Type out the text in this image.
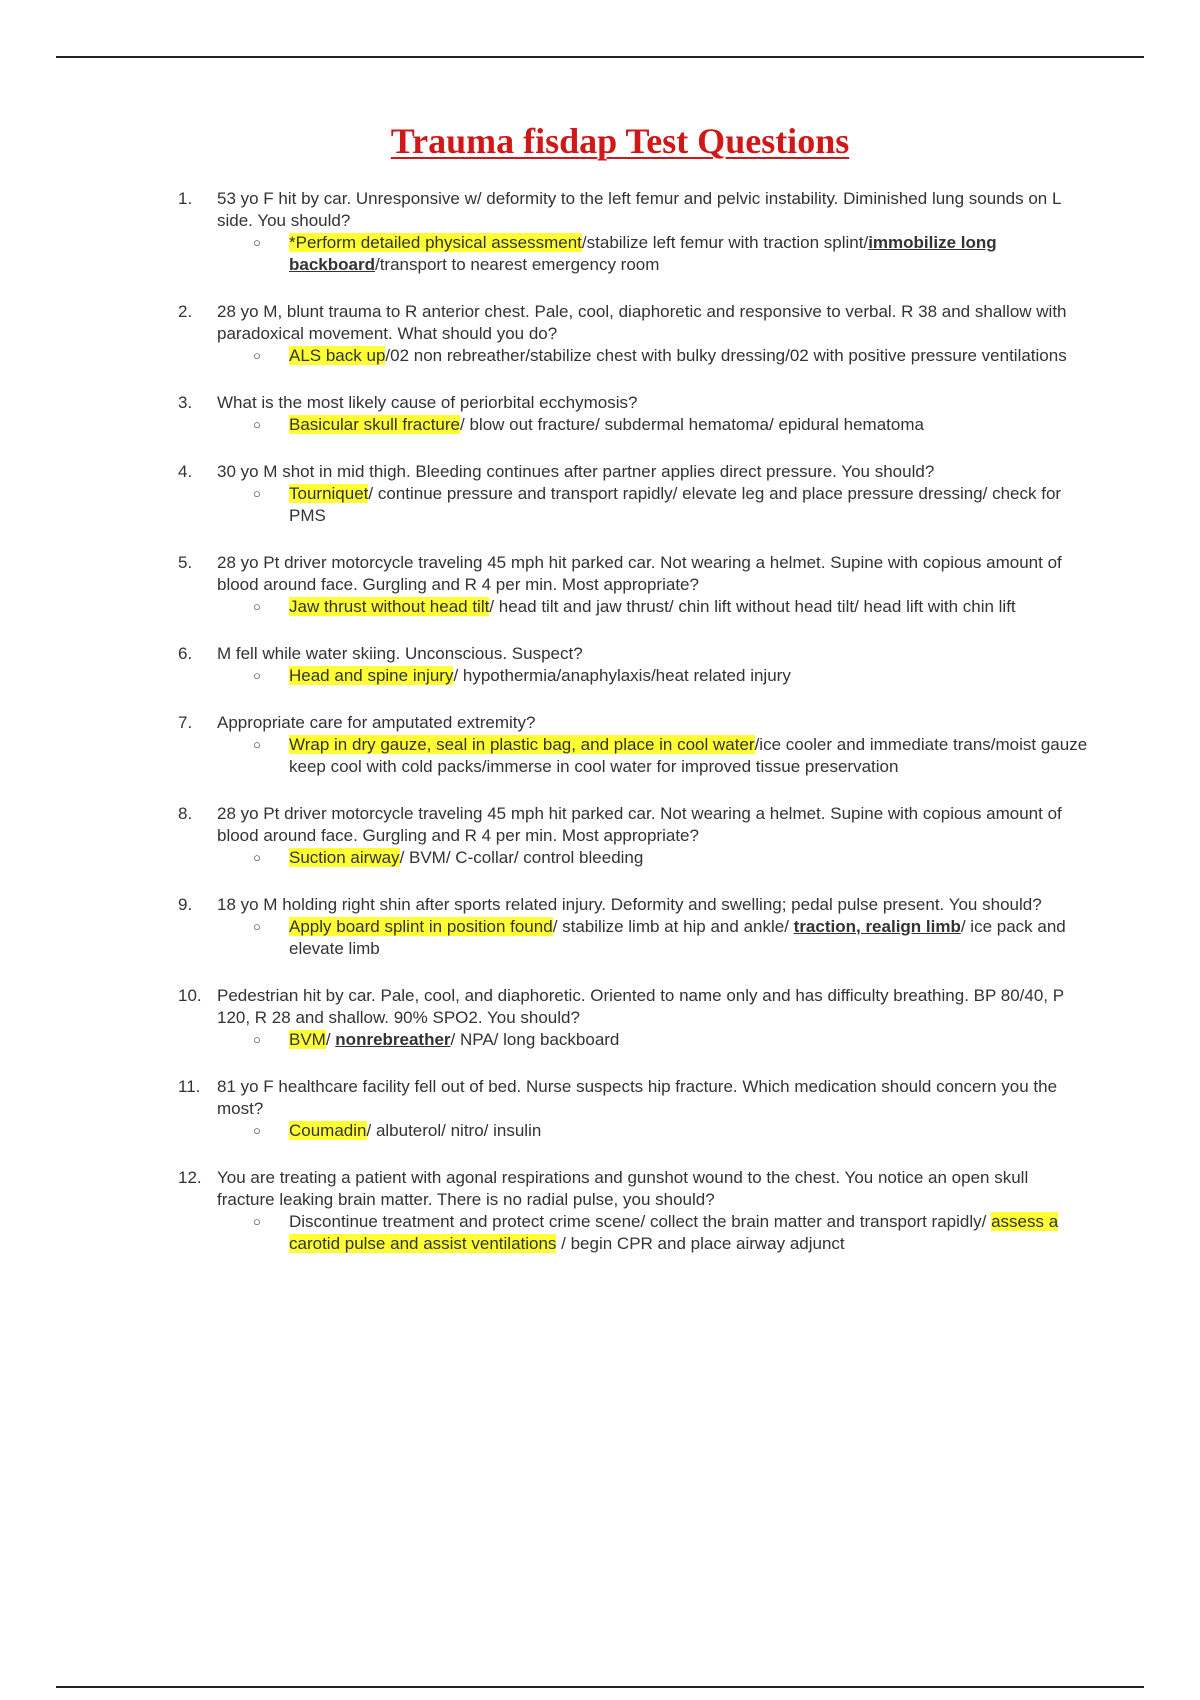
Trauma fisdap Test Questions
1.	53 yo F hit by car. Unresponsive w/ deformity to the left femur and pelvic instability. Diminished lung sounds on L side. You should?
○ *Perform detailed physical assessment/stabilize left femur with traction splint/immobilize long backboard/transport to nearest emergency room
2.	28 yo M, blunt trauma to R anterior chest. Pale, cool, diaphoretic and responsive to verbal. R 38 and shallow with paradoxical movement. What should you do?
○ ALS back up/02 non rebreather/stabilize chest with bulky dressing/02 with positive pressure ventilations
3.	What is the most likely cause of periorbital ecchymosis?
○ Basicular skull fracture/ blow out fracture/ subdermal hematoma/ epidural hematoma
4.	30 yo M shot in mid thigh. Bleeding continues after partner applies direct pressure. You should?
○ Tourniquet/ continue pressure and transport rapidly/ elevate leg and place pressure dressing/ check for PMS
5.	28 yo Pt driver motorcycle traveling 45 mph hit parked car. Not wearing a helmet. Supine with copious amount of blood around face. Gurgling and R 4 per min. Most appropriate?
○ Jaw thrust without head tilt/ head tilt and jaw thrust/ chin lift without head tilt/ head lift with chin lift
6.	M fell while water skiing. Unconscious. Suspect?
○ Head and spine injury/ hypothermia/anaphylaxis/heat related injury
7.	Appropriate care for amputated extremity?
○ Wrap in dry gauze, seal in plastic bag, and place in cool water/ice cooler and immediate trans/moist gauze keep cool with cold packs/immerse in cool water for improved tissue preservation
8.	28 yo Pt driver motorcycle traveling 45 mph hit parked car. Not wearing a helmet. Supine with copious amount of blood around face. Gurgling and R 4 per min. Most appropriate?
○ Suction airway/ BVM/ C-collar/ control bleeding
9.	18 yo M holding right shin after sports related injury. Deformity and swelling; pedal pulse present. You should?
○ Apply board splint in position found/ stabilize limb at hip and ankle/ traction, realign limb/ ice pack and elevate limb
10. Pedestrian hit by car. Pale, cool, and diaphoretic. Oriented to name only and has difficulty breathing. BP 80/40, P 120, R 28 and shallow. 90% SPO2. You should?
○ BVM/ nonrebreather/ NPA/ long backboard
11. 81 yo F healthcare facility fell out of bed. Nurse suspects hip fracture. Which medication should concern you the most?
○ Coumadin/ albuterol/ nitro/ insulin
12. You are treating a patient with agonal respirations and gunshot wound to the chest. You notice an open skull fracture leaking brain matter. There is no radial pulse, you should?
○ Discontinue treatment and protect crime scene/ collect the brain matter and transport rapidly/ assess a carotid pulse and assist ventilations / begin CPR and place airway adjunct
